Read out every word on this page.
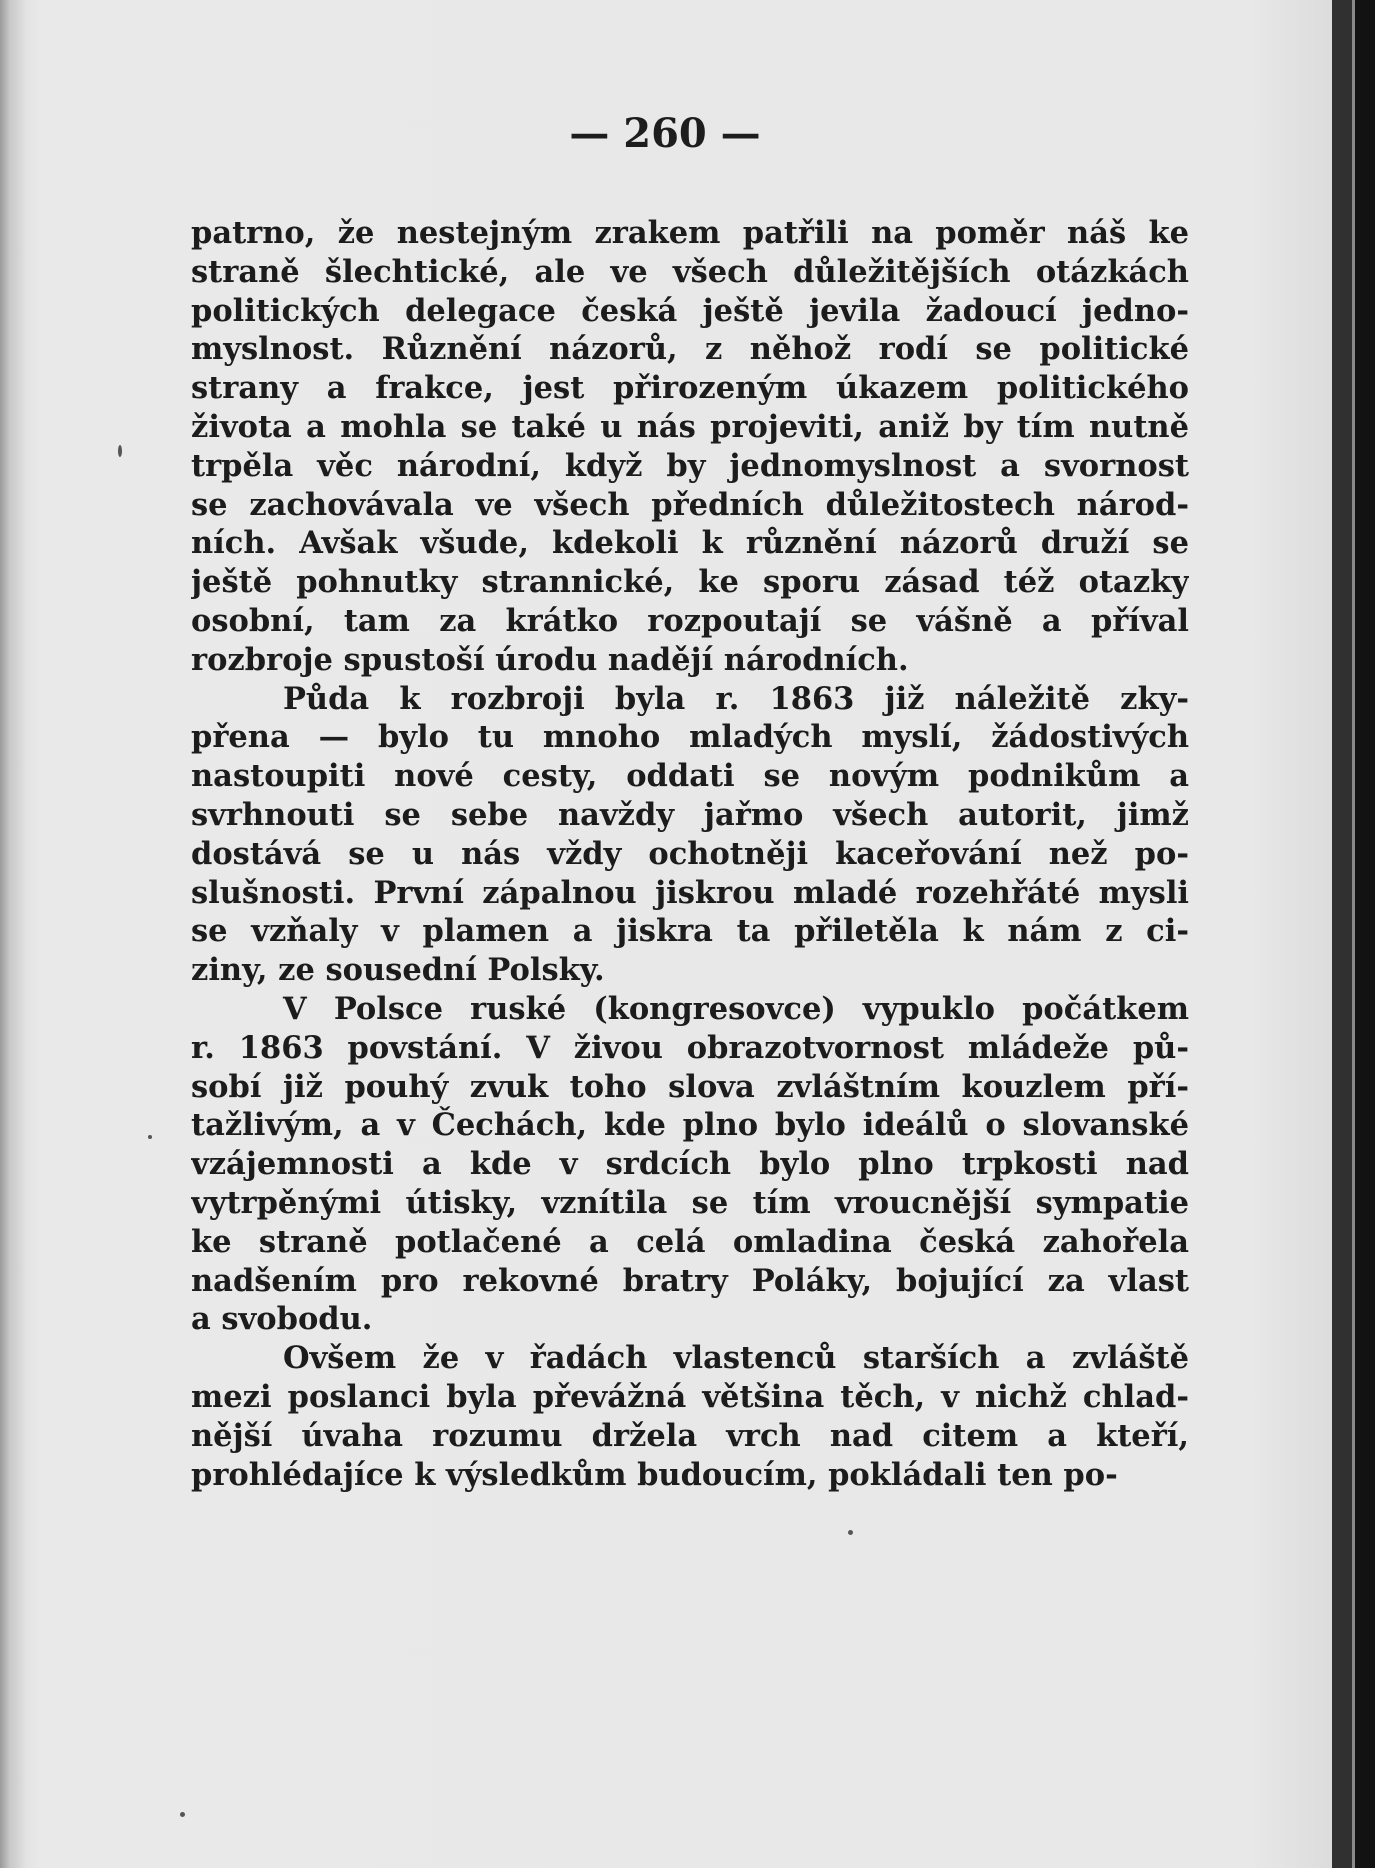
— 260 —
patrno, že nestejným zrakem patřili na poměr náš ke
straně šlechtické, ale ve všech důležitějších otázkách
politických delegace česká ještě jevila žadoucí jedno-
myslnost. Různění názorů, z něhož rodí se politické
strany a frakce, jest přirozeným úkazem politického
života a mohla se také u nás projeviti, aniž by tím nutně
trpěla věc národní, když by jednomyslnost a svornost
se zachovávala ve všech předních důležitostech národ-
ních. Avšak všude, kdekoli k různění názorů druží se
ještě pohnutky strannické, ke sporu zásad též otazky
osobní, tam za krátko rozpoutají se vášně a příval
rozbroje spustoší úrodu nadějí národních.
Půda k rozbroji byla r. 1863 již náležitě zky-
přena — bylo tu mnoho mladých myslí, žádostivých
nastoupiti nové cesty, oddati se novým podnikům a
svrhnouti se sebe navždy jařmo všech autorit, jimž
dostává se u nás vždy ochotněji kaceřování než po-
slušnosti. První zápalnou jiskrou mladé rozehřáté mysli
se vzňaly v plamen a jiskra ta přiletěla k nám z ci-
ziny, ze sousední Polsky.
V Polsce ruské (kongresovce) vypuklo počátkem
r. 1863 povstání. V živou obrazotvornost mládeže pů-
sobí již pouhý zvuk toho slova zvláštním kouzlem pří-
tažlivým, a v Čechách, kde plno bylo ideálů o slovanské
vzájemnosti a kde v srdcích bylo plno trpkosti nad
vytrpěnými útisky, vznítila se tím vroucnější sympatie
ke straně potlačené a celá omladina česká zahořela
nadšením pro rekovné bratry Poláky, bojující za vlast
a svobodu.
Ovšem že v řadách vlastenců starších a zvláště
mezi poslanci byla převážná většina těch, v nichž chlad-
nější úvaha rozumu držela vrch nad citem a kteří,
prohlédajíce k výsledkům budoucím, pokládali ten po-
